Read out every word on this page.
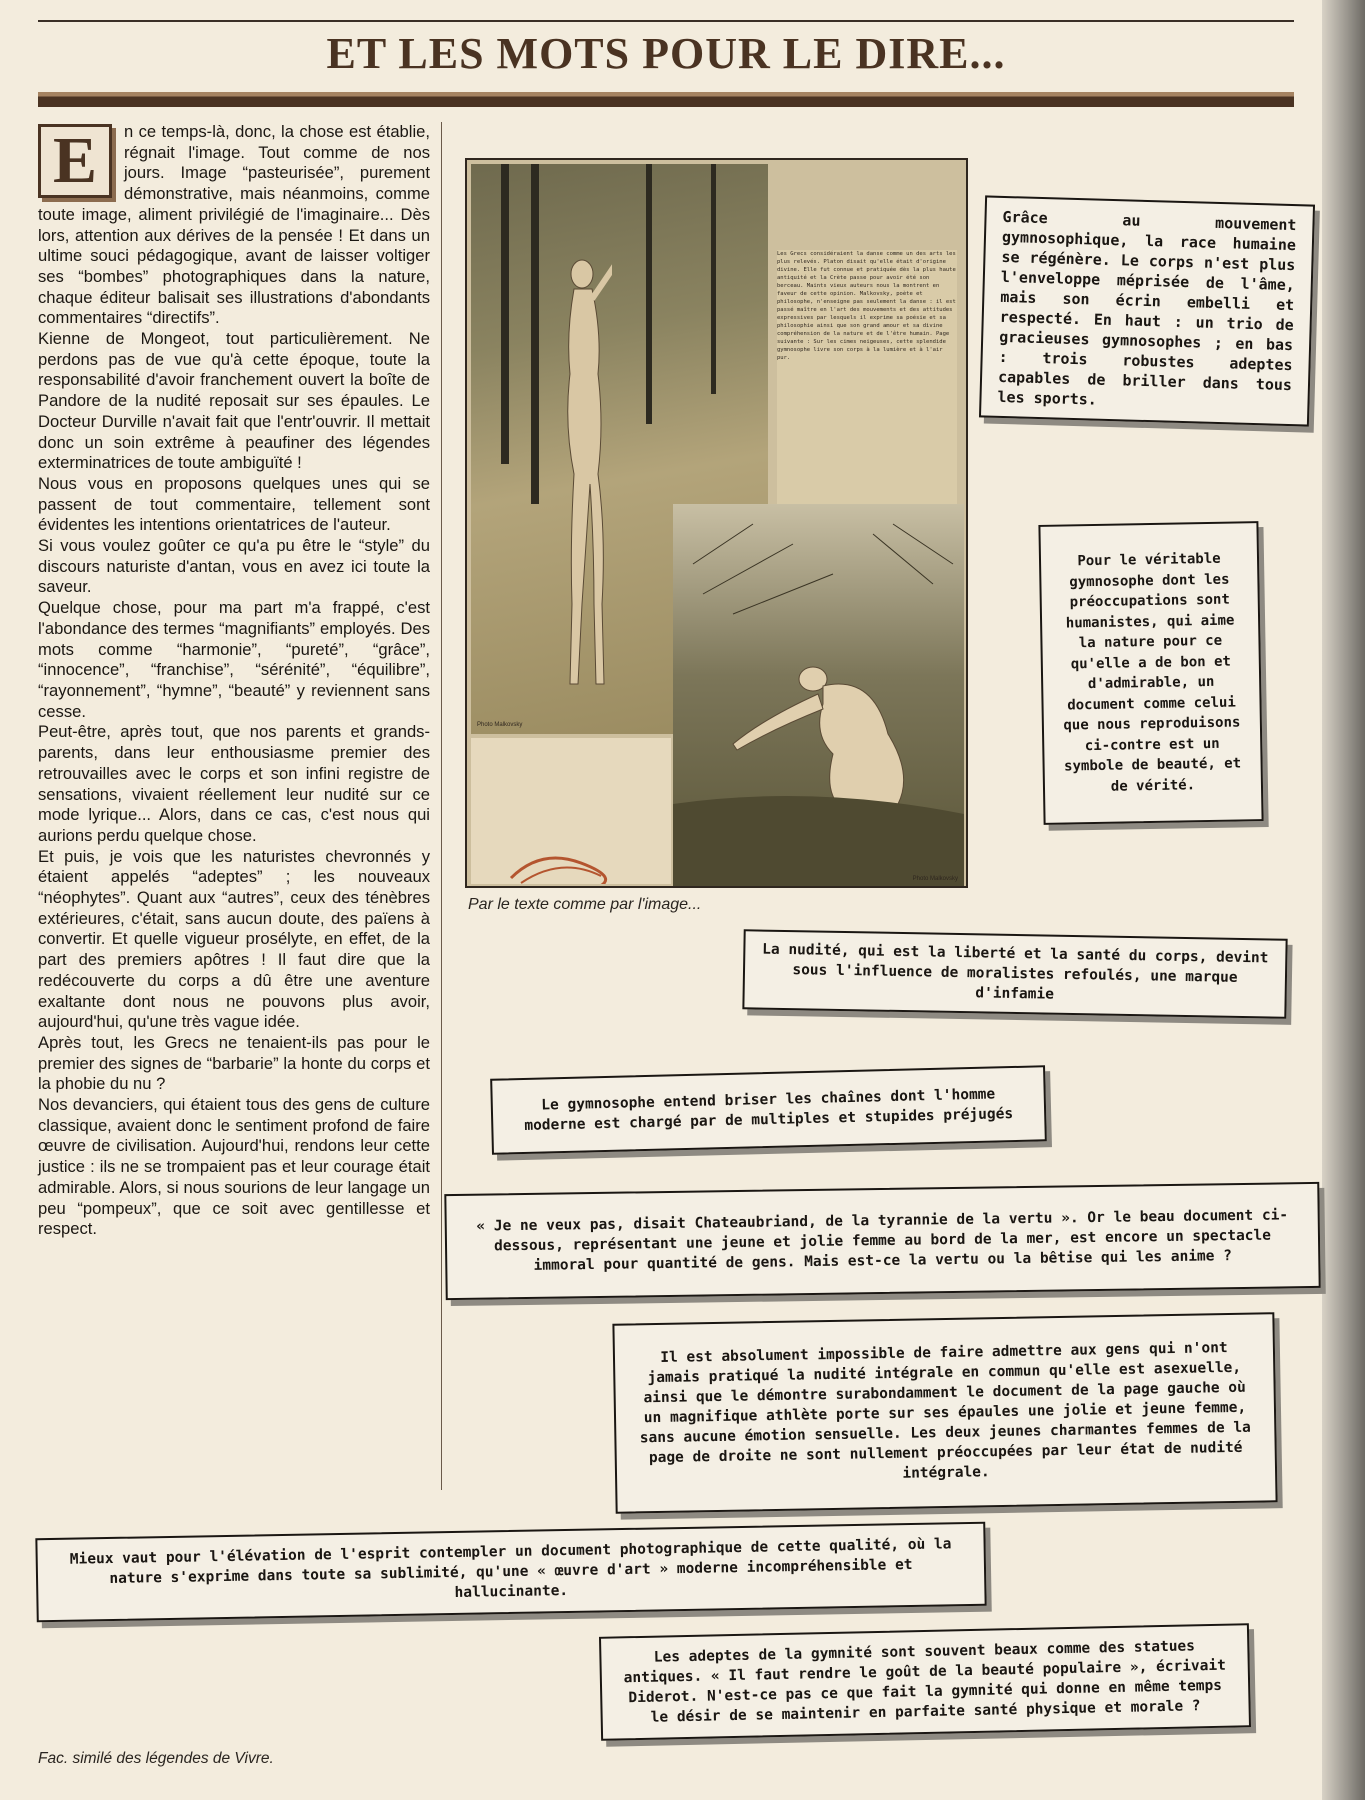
ET LES MOTS POUR LE DIRE...
E	n ce temps-là, donc, la chose est établie, régnait l'image. Tout comme de nos jours. Image “pasteurisée”, purement démonstrative, mais néanmoins, comme toute image, aliment privilégié de l'imaginaire... Dès lors, attention aux dérives de la pensée ! Et dans un ultime souci pédagogique, avant de laisser voltiger ses “bombes” photographiques dans la nature, chaque éditeur balisait ses illustrations d'abondants commentaires “directifs”.

Kienne de Mongeot, tout particulièrement. Ne perdons pas de vue qu'à cette époque, toute la responsabilité d'avoir franchement ouvert la boîte de Pandore de la nudité reposait sur ses épaules. Le Docteur Durville n'avait fait que l'entr'ouvrir. Il mettait donc un soin extrême à peaufiner des légendes exterminatrices de toute ambiguïté !

Nous vous en proposons quelques unes qui se passent de tout commentaire, tellement sont évidentes les intentions orientatrices de l'auteur.

Si vous voulez goûter ce qu'a pu être le “style” du discours naturiste d'antan, vous en avez ici toute la saveur.

Quelque chose, pour ma part m'a frappé, c'est l'abondance des termes “magnifiants” employés. Des mots comme “harmonie”, “pureté”, “grâce”, “innocence”, “franchise”, “sérénité”, “équilibre”, “rayonnement”, “hymne”, “beauté” y reviennent sans cesse.

Peut-être, après tout, que nos parents et grands-parents, dans leur enthousiasme premier des retrouvailles avec le corps et son infini registre de sensations, vivaient réellement leur nudité sur ce mode lyrique... Alors, dans ce cas, c'est nous qui aurions perdu quelque chose.

Et puis, je vois que les naturistes chevronnés y étaient appelés “adeptes” ; les nouveaux “néophytes”. Quant aux “autres”, ceux des ténèbres extérieures, c'était, sans aucun doute, des païens à convertir. Et quelle vigueur prosélyte, en effet, de la part des premiers apôtres ! Il faut dire que la redécouverte du corps a dû être une aventure exaltante dont nous ne pouvons plus avoir, aujourd'hui, qu'une très vague idée.

Après tout, les Grecs ne tenaient-ils pas pour le premier des signes de “barbarie” la honte du corps et la phobie du nu ?

Nos devanciers, qui étaient tous des gens de culture classique, avaient donc le sentiment profond de faire œuvre de civilisation. Aujourd'hui, rendons leur cette justice : ils ne se trompaient pas et leur courage était admirable. Alors, si nous sourions de leur langage un peu “pompeux”, que ce soit avec gentillesse et respect.

Photo Malkovsky
Les Grecs considéraient la danse comme un des arts les plus relevés. Platon disait qu'elle était d'origine divine. Elle fut connue et pratiquée dès la plus haute antiquité et la Crète passe pour avoir été son berceau. Maints vieux auteurs nous la montrent en faveur de cette opinion. Malkovsky, poète et philosophe, n'enseigne pas seulement la danse : il est passé maître en l'art des mouvements et des attitudes expressives par lesquels il exprime sa poésie et sa philosophie ainsi que son grand amour et sa divine compréhension de la nature et de l'être humain. Page suivante : Sur les cimes neigeuses, cette splendide gymnosophe livre son corps à la lumière et à l'air pur.
Photo Malkovsky
Par le texte comme par l'image...
Grâce au mouvement gymnosophique, la race humaine se régénère. Le corps n'est plus l'enveloppe méprisée de l'âme, mais son écrin embelli et respecté. En haut : un trio de gracieuses gymnosophes ; en bas : trois robustes adeptes capables de briller dans tous les sports.
Pour le véritable gymnosophe dont les préoccupations sont humanistes, qui aime la nature pour ce qu'elle a de bon et d'admirable, un document comme celui que nous reproduisons ci-contre est un symbole de beauté, et de vérité.
La nudité, qui est la liberté et la santé du corps, devint sous l'influence de moralistes refoulés, une marque d'infamie
Le gymnosophe entend briser les chaînes dont l'homme moderne est chargé par de multiples et stupides préjugés
« Je ne veux pas, disait Chateaubriand, de la tyrannie de la vertu ». Or le beau document ci-dessous, représentant une jeune et jolie femme au bord de la mer, est encore un spectacle immoral pour quantité de gens. Mais est-ce la vertu ou la bêtise qui les anime ?
Il est absolument impossible de faire admettre aux gens qui n'ont jamais pratiqué la nudité intégrale en commun qu'elle est asexuelle, ainsi que le démontre surabondamment le document de la page gauche où un magnifique athlète porte sur ses épaules une jolie et jeune femme, sans aucune émotion sensuelle. Les deux jeunes charmantes femmes de la page de droite ne sont nullement préoccupées par leur état de nudité intégrale.
Mieux vaut pour l'élévation de l'esprit contempler un document photographique de cette qualité, où la nature s'exprime dans toute sa sublimité, qu'une « œuvre d'art » moderne incompréhensible et hallucinante.
Les adeptes de la gymnité sont souvent beaux comme des statues antiques. « Il faut rendre le goût de la beauté populaire », écrivait Diderot. N'est-ce pas ce que fait la gymnité qui donne en même temps le désir de se maintenir en parfaite santé physique et morale ?
Fac. similé des légendes de Vivre.
